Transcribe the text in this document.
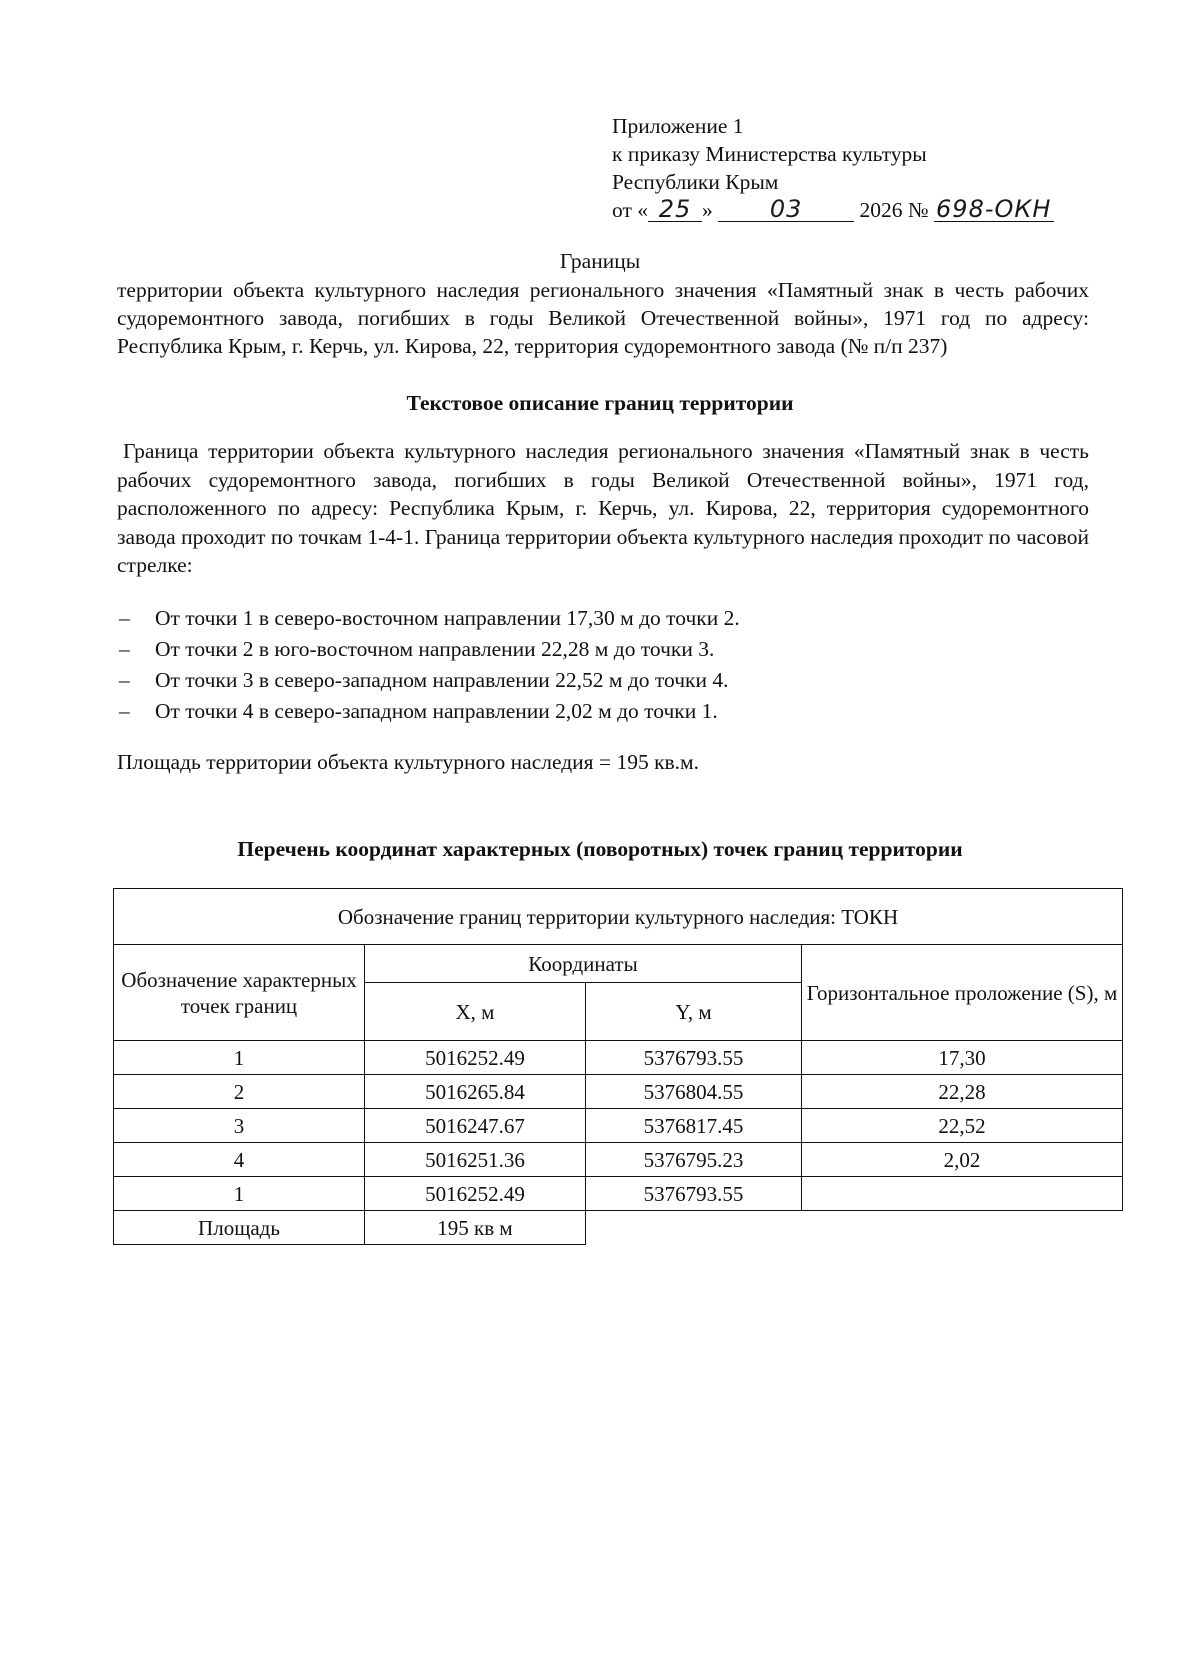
Приложение 1
к приказу Министерства культуры
Республики Крым
от « 25 » 03	2026 № 698-ОКН
Границы
территории объекта культурного наследия регионального значения «Памятный знак в честь рабочих судоремонтного завода, погибших в годы Великой Отечественной войны», 1971 год по адресу: Республика Крым, г. Керчь, ул. Кирова, 22, территория судоремонтного завода (№ п/п 237)
Текстовое описание границ территории
Граница территории объекта культурного наследия регионального значения «Памятный знак в честь рабочих судоремонтного завода, погибших в годы Великой Отечественной войны», 1971 год, расположенного по адресу: Республика Крым, г. Керчь, ул. Кирова, 22, территория судоремонтного завода проходит по точкам 1-4-1. Граница территории объекта культурного наследия проходит по часовой стрелке:
– От точки 1 в северо-восточном направлении 17,30 м до точки 2.
– От точки 2 в юго-восточном направлении 22,28 м до точки 3.
– От точки 3 в северо-западном направлении 22,52 м до точки 4.
– От точки 4 в северо-западном направлении 2,02 м до точки 1.
Площадь территории объекта культурного наследия = 195 кв.м.
Перечень координат характерных (поворотных) точек границ территории
Обозначение границ территории культурного наследия: ТОКН			
Обозначение характерных точек границ	Координаты		Горизонтальное проложение (S), м
	X, м	Y, м	
1	5016252.49	5376793.55	17,30
2	5016265.84	5376804.55	22,28
3	5016247.67	5376817.45	22,52
4	5016251.36	5376795.23	2,02
1	5016252.49	5376793.55	
Площадь	195 кв м		
